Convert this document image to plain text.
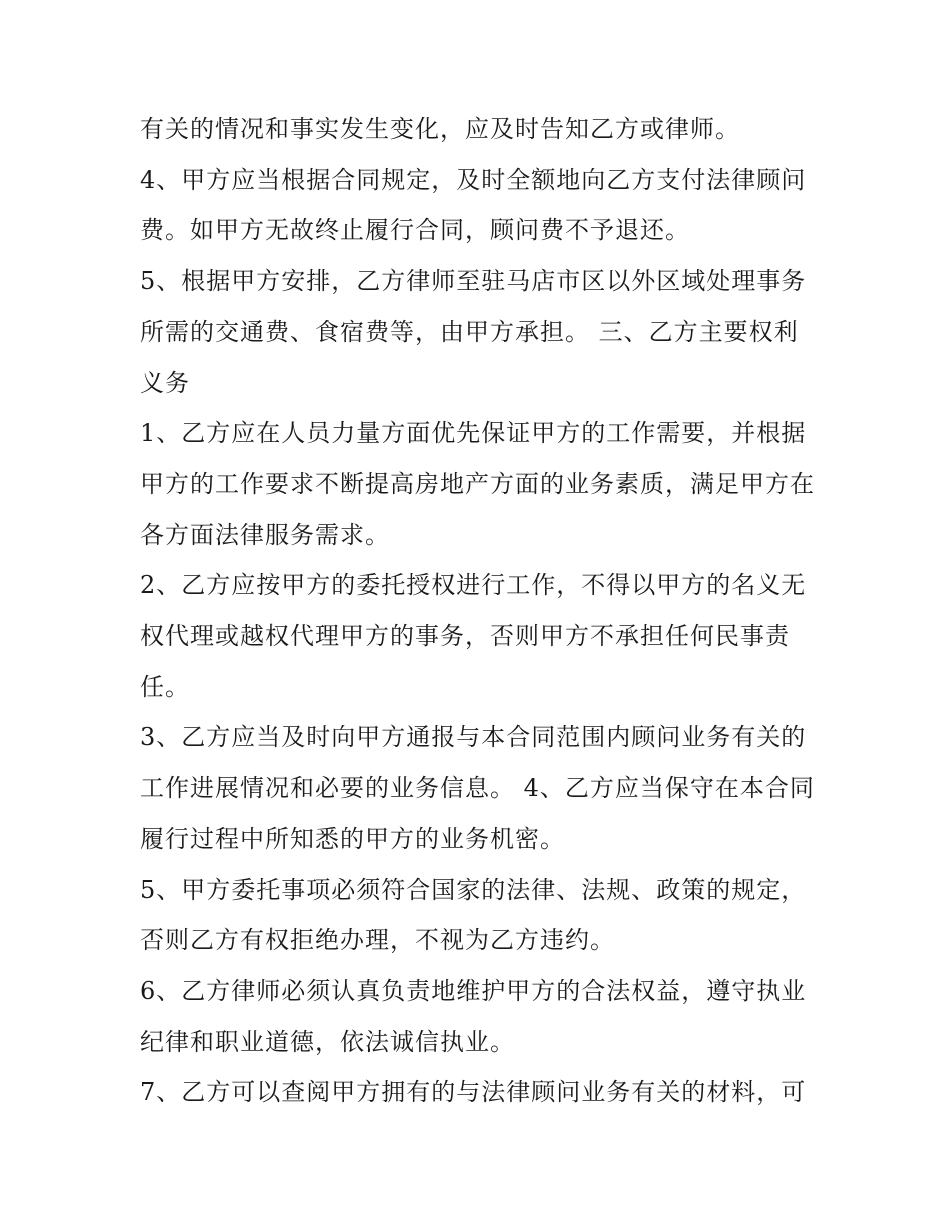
有关的情况和事实发生变化，应及时告知乙方或律师。
4、甲方应当根据合同规定，及时全额地向乙方支付法律顾问
费。如甲方无故终止履行合同，顾问费不予退还。
5、根据甲方安排，乙方律师至驻马店市区以外区域处理事务
所需的交通费、食宿费等，由甲方承担。 三、乙方主要权利
义务
1、乙方应在人员力量方面优先保证甲方的工作需要，并根据
甲方的工作要求不断提高房地产方面的业务素质，满足甲方在
各方面法律服务需求。
2、乙方应按甲方的委托授权进行工作，不得以甲方的名义无
权代理或越权代理甲方的事务，否则甲方不承担任何民事责
任。
3、乙方应当及时向甲方通报与本合同范围内顾问业务有关的
工作进展情况和必要的业务信息。 4、乙方应当保守在本合同
履行过程中所知悉的甲方的业务机密。
5、甲方委托事项必须符合国家的法律、法规、政策的规定，
否则乙方有权拒绝办理，不视为乙方违约。
6、乙方律师必须认真负责地维护甲方的合法权益，遵守执业
纪律和职业道德，依法诚信执业。
7、乙方可以查阅甲方拥有的与法律顾问业务有关的材料，可
